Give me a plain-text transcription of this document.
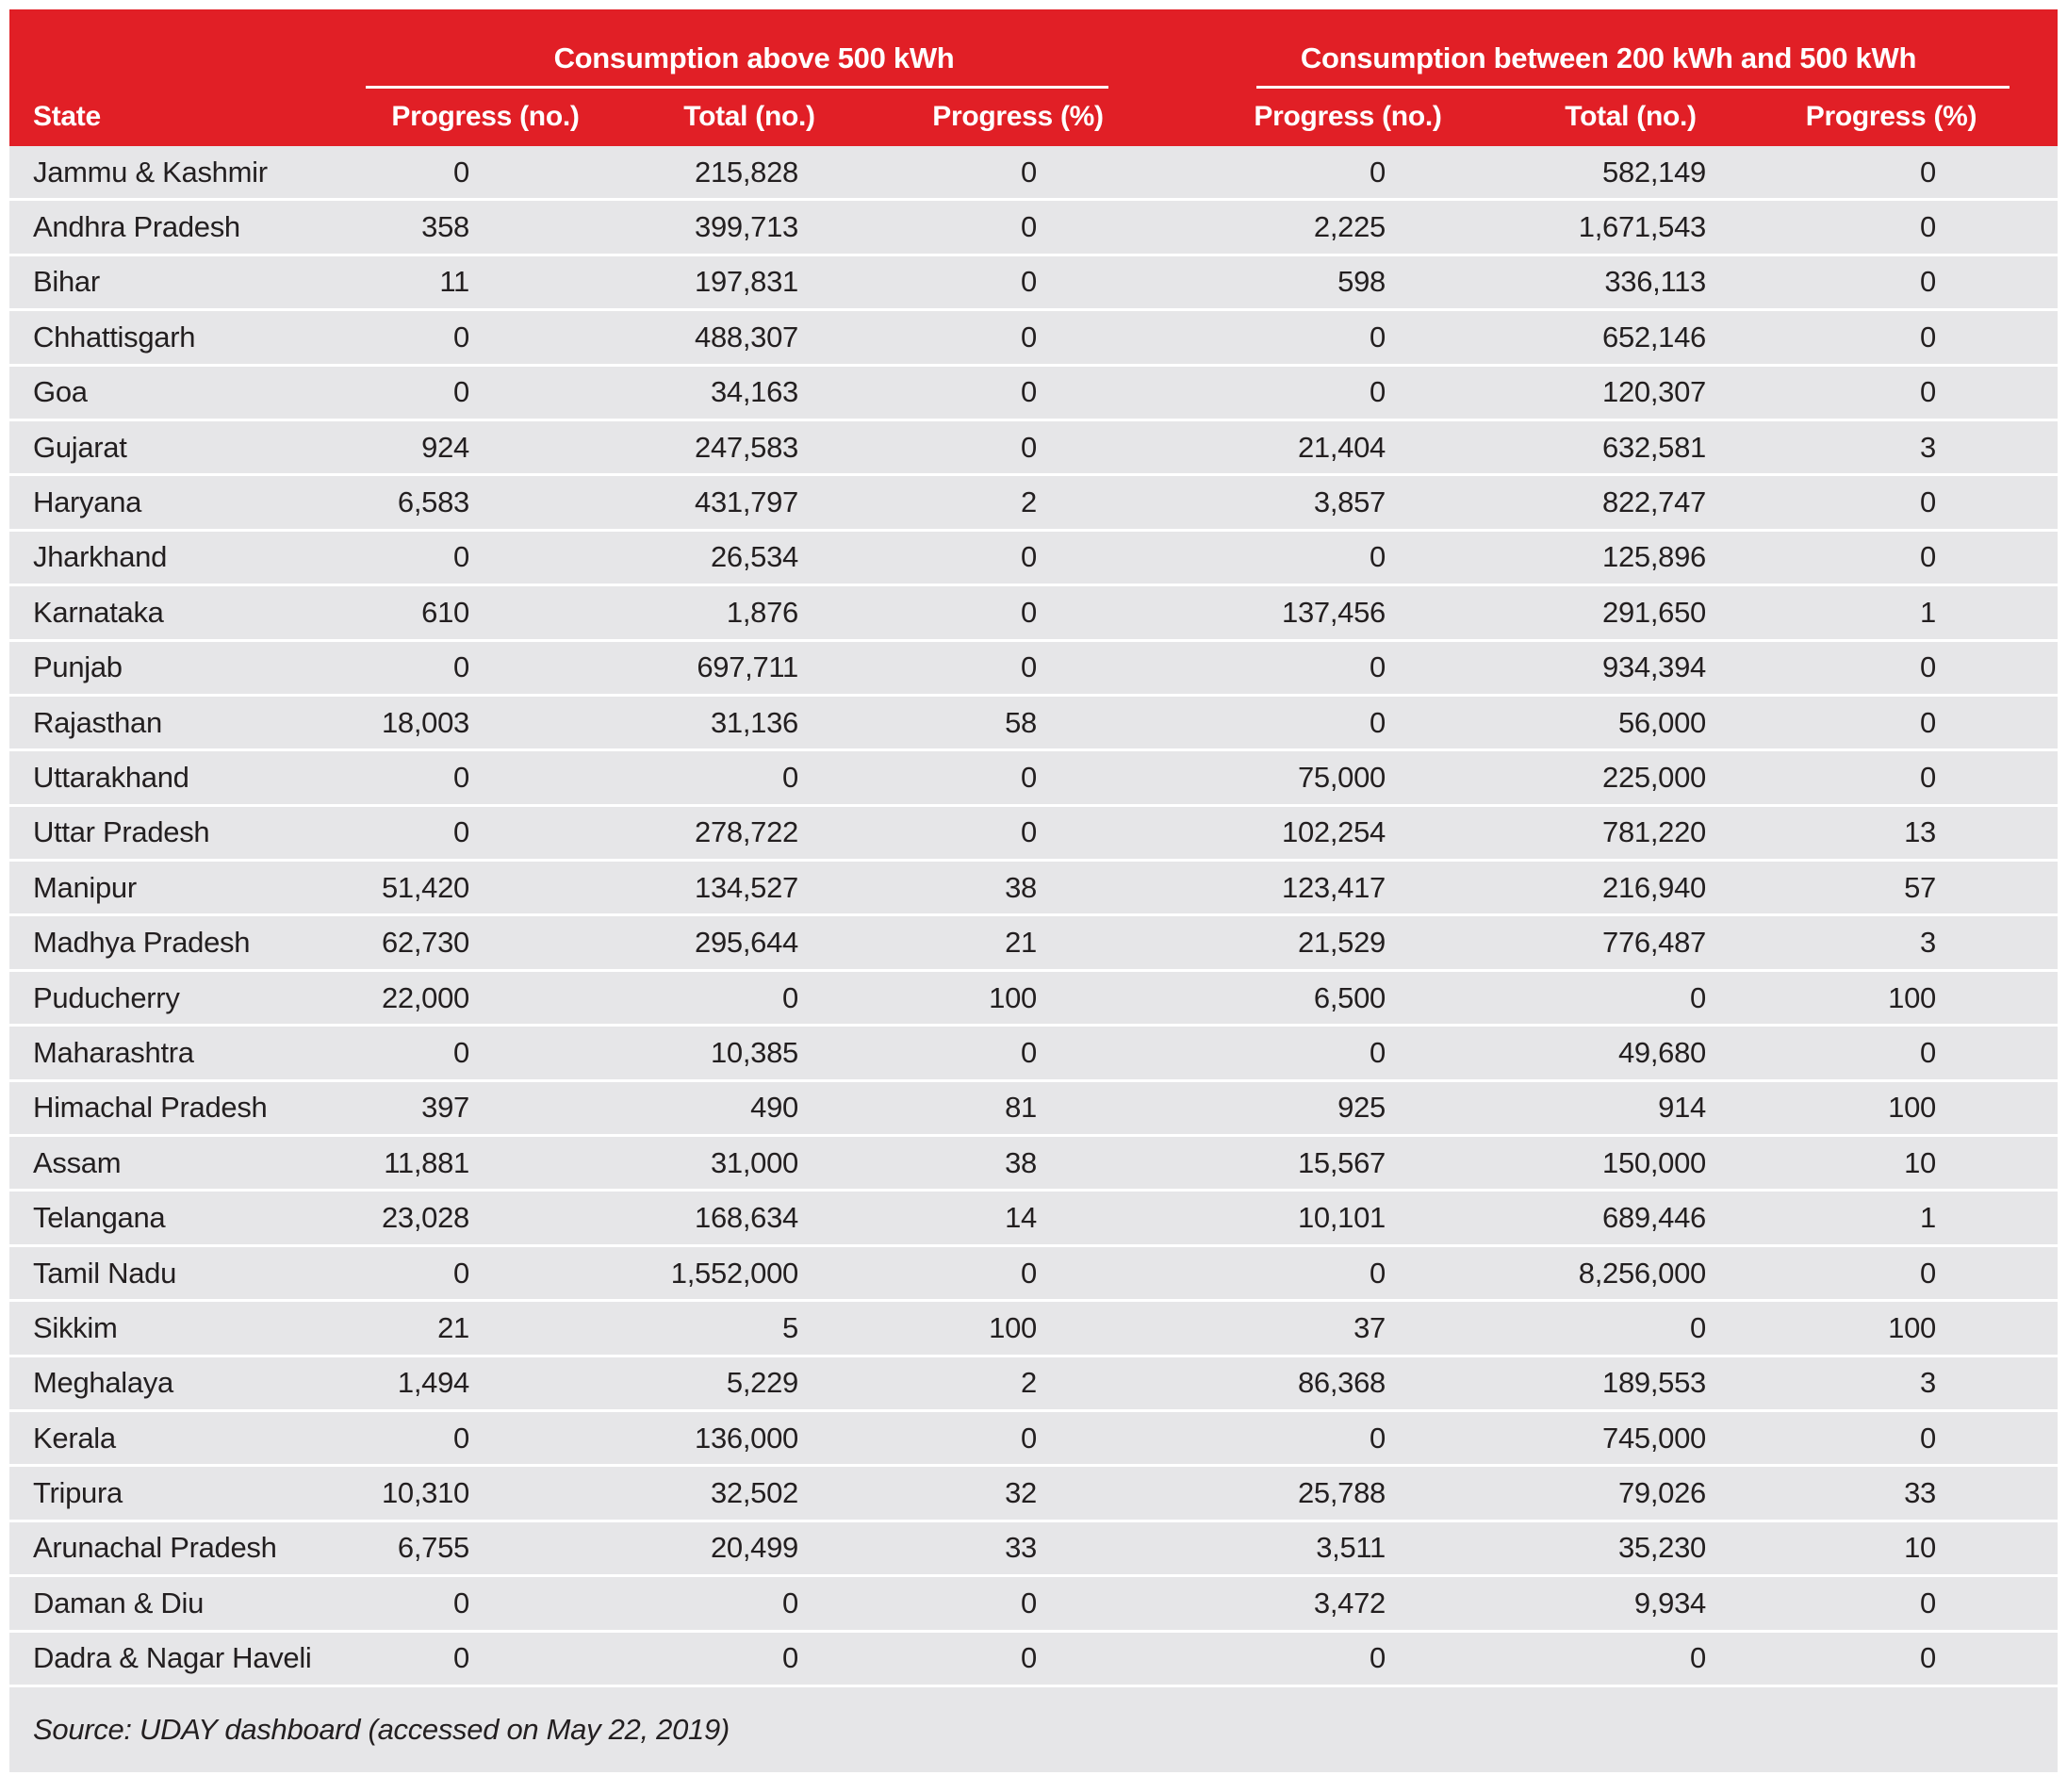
State
Consumption above 500 kWh
Progress (no.)	Total (no.)	Progress (%)
Consumption between 200 kWh and 500 kWh
Progress (no.)	Total (no.)	Progress (%)
Jammu & Kashmir	0	215,828	0	0	582,149	0
Andhra Pradesh	358	399,713	0	2,225	1,671,543	0
Bihar	11	197,831	0	598	336,113	0
Chhattisgarh	0	488,307	0	0	652,146	0
Goa	0	34,163	0	0	120,307	0
Gujarat	924	247,583	0	21,404	632,581	3
Haryana	6,583	431,797	2	3,857	822,747	0
Jharkhand	0	26,534	0	0	125,896	0
Karnataka	610	1,876	0	137,456	291,650	1
Punjab	0	697,711	0	0	934,394	0
Rajasthan	18,003	31,136	58	0	56,000	0
Uttarakhand	0	0	0	75,000	225,000	0
Uttar Pradesh	0	278,722	0	102,254	781,220	13
Manipur	51,420	134,527	38	123,417	216,940	57
Madhya Pradesh	62,730	295,644	21	21,529	776,487	3
Puducherry	22,000	0	100	6,500	0	100
Maharashtra	0	10,385	0	0	49,680	0
Himachal Pradesh	397	490	81	925	914	100
Assam	11,881	31,000	38	15,567	150,000	10
Telangana	23,028	168,634	14	10,101	689,446	1
Tamil Nadu	0	1,552,000	0	0	8,256,000	0
Sikkim	21	5	100	37	0	100
Meghalaya	1,494	5,229	2	86,368	189,553	3
Kerala	0	136,000	0	0	745,000	0
Tripura	10,310	32,502	32	25,788	79,026	33
Arunachal Pradesh	6,755	20,499	33	3,511	35,230	10
Daman & Diu	0	0	0	3,472	9,934	0
Dadra & Nagar Haveli	0	0	0	0	0	0
Source: UDAY dashboard (accessed on May 22, 2019)
